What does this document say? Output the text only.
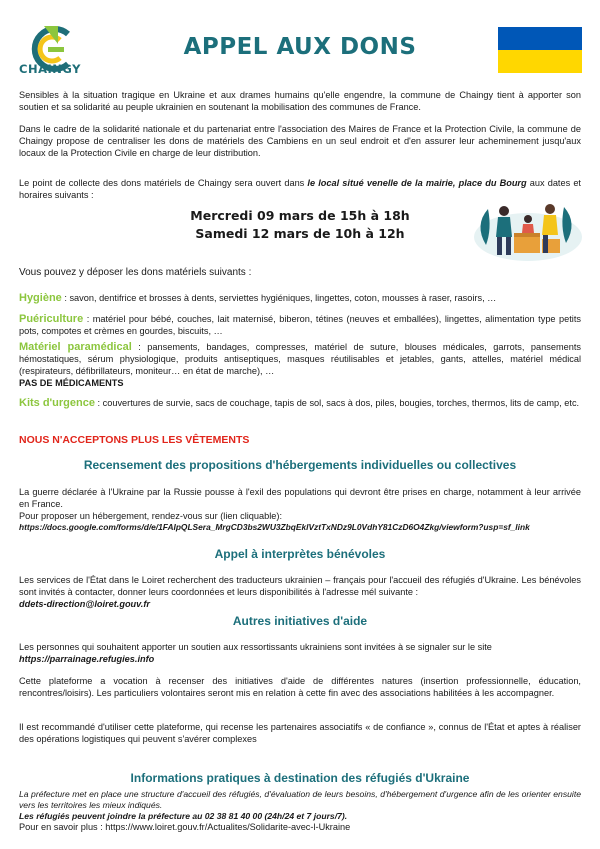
CHAINGY
APPEL AUX DONS
Sensibles à la situation tragique en Ukraine et aux drames humains qu'elle engendre, la commune de Chaingy tient à apporter son soutien et sa solidarité au peuple ukrainien en soutenant la mobilisation des communes de France.
Dans le cadre de la solidarité nationale et du partenariat entre l'association des Maires de France et la Protection Civile, la commune de Chaingy propose de centraliser les dons de matériels des Cambiens en un seul endroit et d'en assurer leur acheminement jusqu'aux locaux de la Protection Civile en charge de leur distribution.
Le point de collecte des dons matériels de Chaingy sera ouvert dans le local situé venelle de la mairie, place du Bourg aux dates et horaires suivants :
Mercredi 09 mars de 15h à 18h
Samedi 12 mars de 10h à 12h
Vous pouvez y déposer les dons matériels suivants :
Hygiène : savon, dentifrice et brosses à dents, serviettes hygiéniques, lingettes, coton, mousses à raser, rasoirs, …
Puériculture : matériel pour bébé, couches, lait maternisé, biberon, tétines (neuves et emballées), lingettes, alimentation type petits pots, compotes et crèmes en gourdes, biscuits, …
Matériel paramédical : pansements, bandages, compresses, matériel de suture, blouses médicales, garrots, pansements hémostatiques, sérum physiologique, produits antiseptiques, masques réutilisables et jetables, gants, attelles, matériel médical (respirateurs, défibrillateurs, moniteur… en état de marche), …
PAS DE MÉDICAMENTS
Kits d'urgence : couvertures de survie, sacs de couchage, tapis de sol, sacs à dos, piles, bougies, torches, thermos, lits de camp, etc.
NOUS N'ACCEPTONS PLUS LES VÊTEMENTS
Recensement des propositions d'hébergements individuelles ou collectives
La guerre déclarée à l'Ukraine par la Russie pousse à l'exil des populations qui devront être prises en charge, notamment à leur arrivée en France.
Pour proposer un hébergement, rendez-vous sur (lien cliquable):
https://docs.google.com/forms/d/e/1FAIpQLSera_MrgCD3bs2WU3ZbqEklVztTxNDz9L0VdhY81CzD6O4Zkg/viewform?usp=sf_link
Appel à interprètes bénévoles
Les services de l'État dans le Loiret recherchent des traducteurs ukrainien – français pour l'accueil des réfugiés d'Ukraine. Les bénévoles sont invités à contacter, donner leurs coordonnées et leurs disponibilités à l'adresse mél suivante :
ddets-direction@loiret.gouv.fr
Autres initiatives d'aide
Les personnes qui souhaitent apporter un soutien aux ressortissants ukrainiens sont invitées à se signaler sur le site
https://parrainage.refugies.info
Cette plateforme a vocation à recenser des initiatives d'aide de différentes natures (insertion professionnelle, éducation, rencontres/loisirs). Les particuliers volontaires seront mis en relation à cette fin avec des associations habilitées à les accompagner.
Il est recommandé d'utiliser cette plateforme, qui recense les partenaires associatifs « de confiance », connus de l'État et aptes à réaliser des opérations logistiques qui peuvent s'avérer complexes
Informations pratiques à destination des réfugiés d'Ukraine
La préfecture met en place une structure d'accueil des réfugiés, d'évaluation de leurs besoins, d'hébergement d'urgence afin de les orienter ensuite vers les territoires les mieux indiqués.
Les réfugiés peuvent joindre la préfecture au 02 38 81 40 00 (24h/24 et 7 jours/7).
Pour en savoir plus : https://www.loiret.gouv.fr/Actualites/Solidarite-avec-l-Ukraine
